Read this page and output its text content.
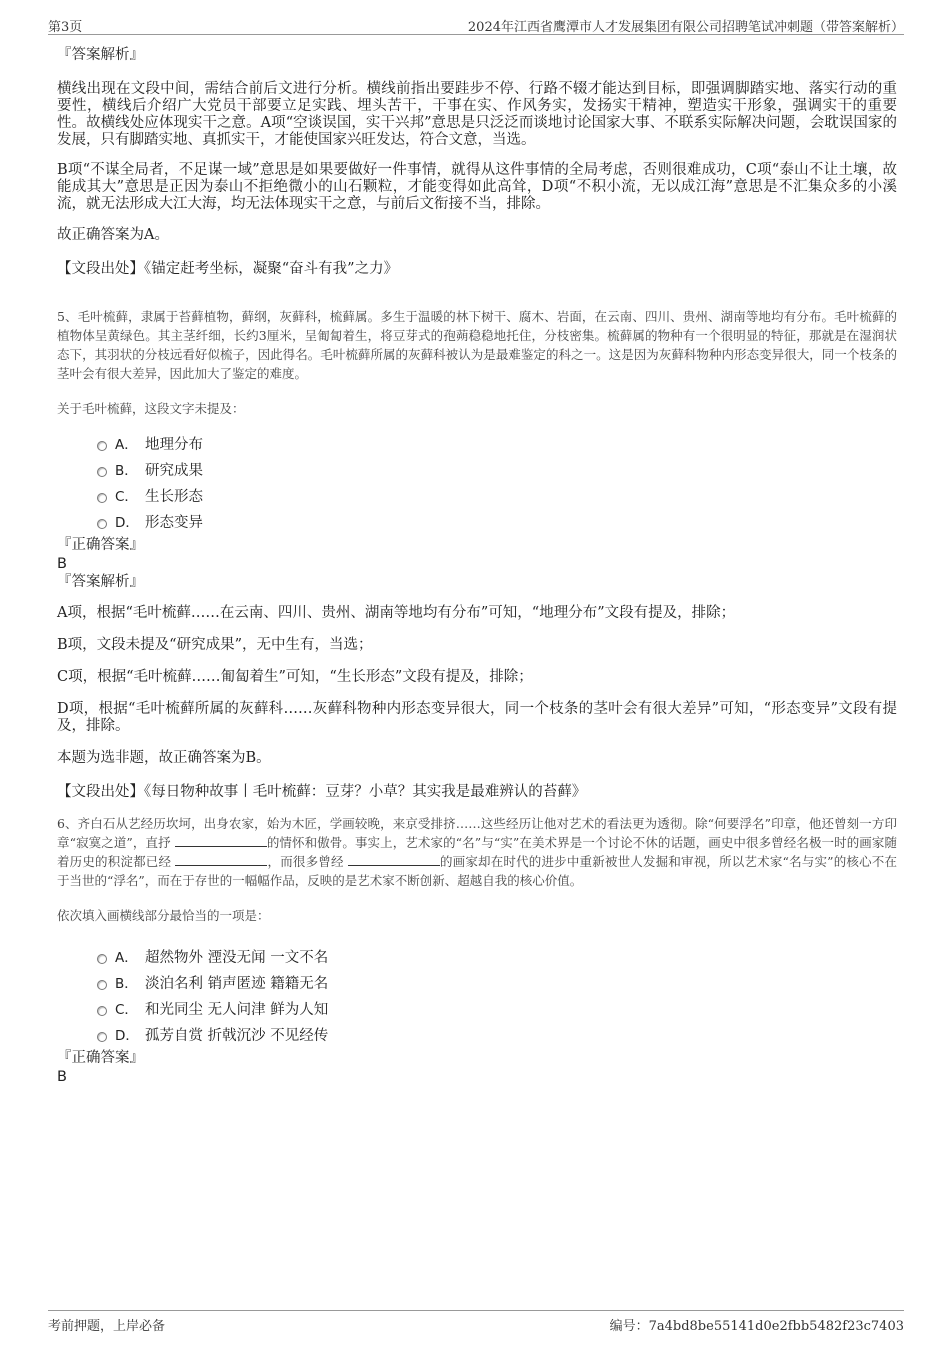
第3页	2024年江西省鹰潭市人才发展集团有限公司招聘笔试冲刺题（带答案解析）

『答案解析』

横线出现在文段中间，需结合前后文进行分析。横线前指出要跬步不停、行路不辍才能达到目标，即强调脚踏实地、落实行动的重要性，横线后介绍广大党员干部要立足实践、埋头苦干，干事在实、作风务实，发扬实干精神，塑造实干形象，强调实干的重要性。故横线处应体现实干之意。A项“空谈误国，实干兴邦”意思是只泛泛而谈地讨论国家大事、不联系实际解决问题，会耽误国家的发展，只有脚踏实地、真抓实干，才能使国家兴旺发达，符合文意，当选。

B项“不谋全局者，不足谋一域”意思是如果要做好一件事情，就得从这件事情的全局考虑，否则很难成功，C项“泰山不让土壤，故能成其大”意思是正因为泰山不拒绝微小的山石颗粒，才能变得如此高耸，D项“不积小流，无以成江海”意思是不汇集众多的小溪流，就无法形成大江大海，均无法体现实干之意，与前后文衔接不当，排除。

故正确答案为A。

【文段出处】《锚定赶考坐标，凝聚“奋斗有我”之力》

5、毛叶梳藓，隶属于苔藓植物，藓纲，灰藓科，梳藓属。多生于温暖的林下树干、腐木、岩面，在云南、四川、贵州、湖南等地均有分布。毛叶梳藓的植物体呈黄绿色。其主茎纤细，长约3厘米，呈匍匐着生，将豆芽式的孢蒴稳稳地托住，分枝密集。梳藓属的物种有一个很明显的特征，那就是在湿润状态下，其羽状的分枝远看好似梳子，因此得名。毛叶梳藓所属的灰藓科被认为是最难鉴定的科之一。这是因为灰藓科物种内形态变异很大，同一个枝条的茎叶会有很大差异，因此加大了鉴定的难度。

关于毛叶梳藓，这段文字未提及：

A． 地理分布
B． 研究成果
C． 生长形态
D． 形态变异

『正确答案』

B

『答案解析』

A项，根据“毛叶梳藓……在云南、四川、贵州、湖南等地均有分布”可知，“地理分布”文段有提及，排除；

B项，文段未提及“研究成果”，无中生有，当选；

C项，根据“毛叶梳藓……匍匐着生”可知，“生长形态”文段有提及，排除；

D项，根据“毛叶梳藓所属的灰藓科……灰藓科物种内形态变异很大，同一个枝条的茎叶会有很大差异”可知，“形态变异”文段有提及，排除。

本题为选非题，故正确答案为B。

【文段出处】《每日物种故事丨毛叶梳藓：豆芽？小草？其实我是最难辨认的苔藓》

6、齐白石从艺经历坎坷，出身农家，始为木匠，学画较晚，来京受排挤……这些经历让他对艺术的看法更为透彻。除“何要浮名”印章，他还曾刻一方印章“寂寞之道”，直抒	的情怀和傲骨。事实上，艺术家的“名”与“实”在美术界是一个讨论不休的话题，画史中很多曾经名极一时的画家随着历史的积淀都已经	，而很多曾经	的画家却在时代的进步中重新被世人发掘和审视，所以艺术家“名与实”的核心不在于当世的“浮名”，而在于存世的一幅幅作品，反映的是艺术家不断创新、超越自我的核心价值。

依次填入画横线部分最恰当的一项是：

A． 超然物外 湮没无闻 一文不名
B． 淡泊名利 销声匿迹 籍籍无名
C． 和光同尘 无人问津 鲜为人知
D． 孤芳自赏 折戟沉沙 不见经传

『正确答案』

B

考前押题，上岸必备	编号：7a4bd8be55141d0e2fbb5482f23c7403
